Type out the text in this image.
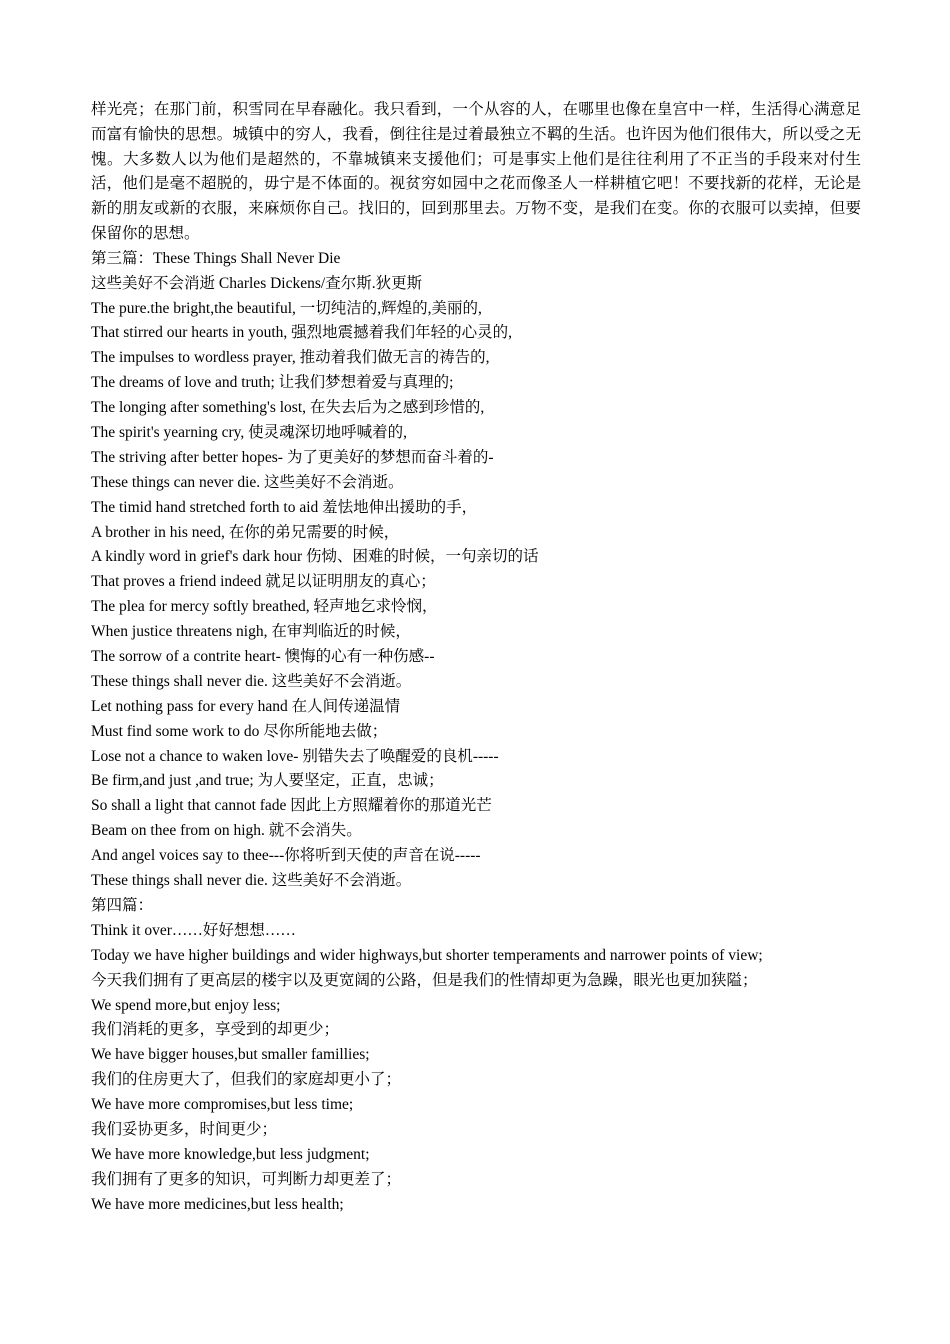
样光亮；在那门前，积雪同在早春融化。我只看到，一个从容的人，在哪里也像在皇宫中一样，生活得心满意足而富有愉快的思想。城镇中的穷人，我看，倒往往是过着最独立不羁的生活。也许因为他们很伟大，所以受之无愧。大多数人以为他们是超然的，不靠城镇来支援他们；可是事实上他们是往往利用了不正当的手段来对付生活，他们是毫不超脱的，毋宁是不体面的。视贫穷如园中之花而像圣人一样耕植它吧！不要找新的花样，无论是新的朋友或新的衣服，来麻烦你自己。找旧的，回到那里去。万物不变，是我们在变。你的衣服可以卖掉，但要保留你的思想。

第三篇：These Things Shall Never Die
这些美好不会消逝 Charles Dickens/查尔斯.狄更斯
The pure.the bright,the beautiful, 一切纯洁的,辉煌的,美丽的,
That stirred our hearts in youth, 强烈地震撼着我们年轻的心灵的,
The impulses to wordless prayer, 推动着我们做无言的祷告的,
The dreams of love and truth; 让我们梦想着爱与真理的;
The longing after something's lost, 在失去后为之感到珍惜的,
The spirit's yearning cry, 使灵魂深切地呼喊着的,
The striving after better hopes- 为了更美好的梦想而奋斗着的-
These things can never die. 这些美好不会消逝。
The timid hand stretched forth to aid 羞怯地伸出援助的手，
A brother in his need, 在你的弟兄需要的时候，
A kindly word in grief's dark hour 伤恸、困难的时候，一句亲切的话
That proves a friend indeed 就足以证明朋友的真心；
The plea for mercy softly breathed, 轻声地乞求怜悯，
When justice threatens nigh, 在审判临近的时候，
The sorrow of a contrite heart- 懊悔的心有一种伤感--
These things shall never die. 这些美好不会消逝。
Let nothing pass for every hand 在人间传递温情
Must find some work to do 尽你所能地去做；
Lose not a chance to waken love- 别错失去了唤醒爱的良机-----
Be firm,and just ,and true; 为人要坚定，正直，忠诚；
So shall a light that cannot fade 因此上方照耀着你的那道光芒
Beam on thee from on high. 就不会消失。
And angel voices say to thee---你将听到天使的声音在说-----
These things shall never die. 这些美好不会消逝。
第四篇：
Think it over……好好想想……

Today we have higher buildings and wider highways,but shorter temperaments and narrower points of view;

今天我们拥有了更高层的楼宇以及更宽阔的公路，但是我们的性情却更为急躁，眼光也更加狭隘；
We spend more,but enjoy less;
我们消耗的更多，享受到的却更少；
We have bigger houses,but smaller famillies;
我们的住房更大了，但我们的家庭却更小了；
We have more compromises,but less time;
我们妥协更多，时间更少；
We have more knowledge,but less judgment;
我们拥有了更多的知识，可判断力却更差了；
We have more medicines,but less health;
